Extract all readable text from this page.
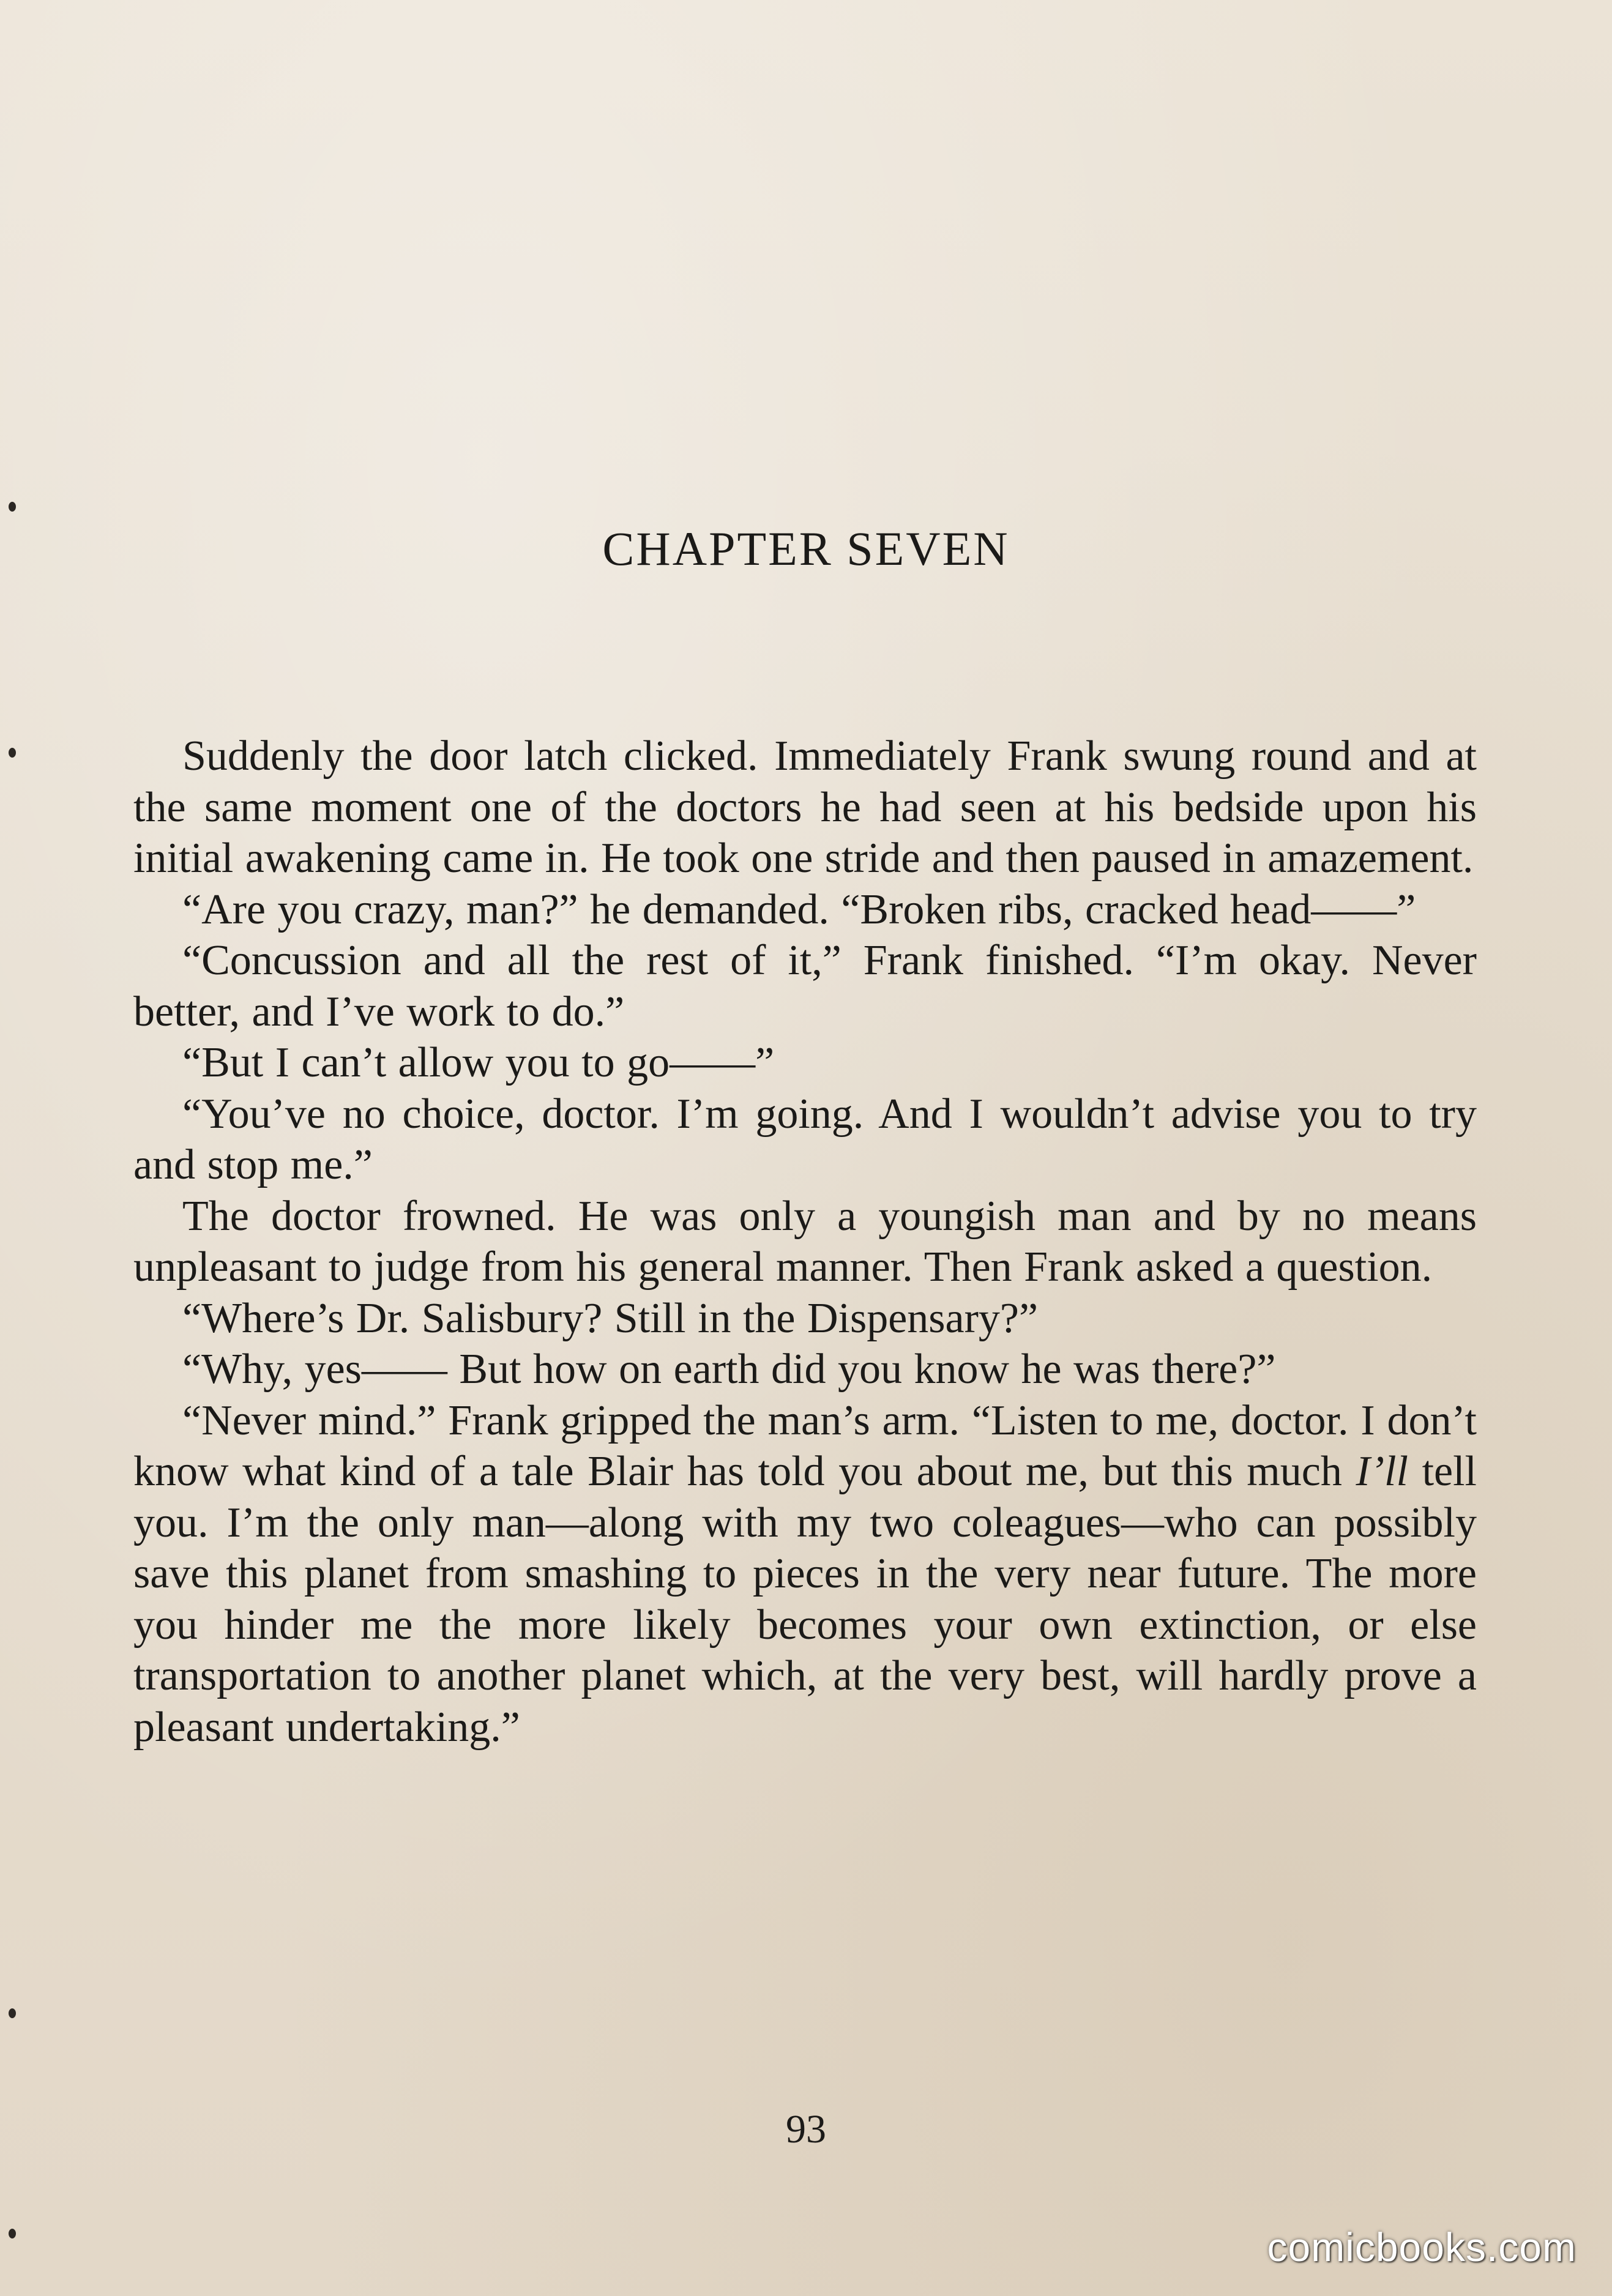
CHAPTER SEVEN

Suddenly the door latch clicked. Immediately Frank swung round and at the same moment one of the doctors he had seen at his bedside upon his initial awakening came in. He took one stride and then paused in amazement.

“Are you crazy, man?” he demanded. “Broken ribs, cracked head——”

“Concussion and all the rest of it,” Frank finished. “I’m okay. Never better, and I’ve work to do.”

“But I can’t allow you to go——”

“You’ve no choice, doctor. I’m going. And I wouldn’t advise you to try and stop me.”

The doctor frowned. He was only a youngish man and by no means unpleasant to judge from his general manner. Then Frank asked a question.

“Where’s Dr. Salisbury? Still in the Dispensary?”

“Why, yes—— But how on earth did you know he was there?”

“Never mind.” Frank gripped the man’s arm. “Listen to me, doctor. I don’t know what kind of a tale Blair has told you about me, but this much I’ll tell you. I’m the only man—along with my two coleagues—who can possibly save this planet from smashing to pieces in the very near future. The more you hinder me the more likely becomes your own extinction, or else transportation to another planet which, at the very best, will hardly prove a pleasant undertaking.”

93
comicbooks.com
